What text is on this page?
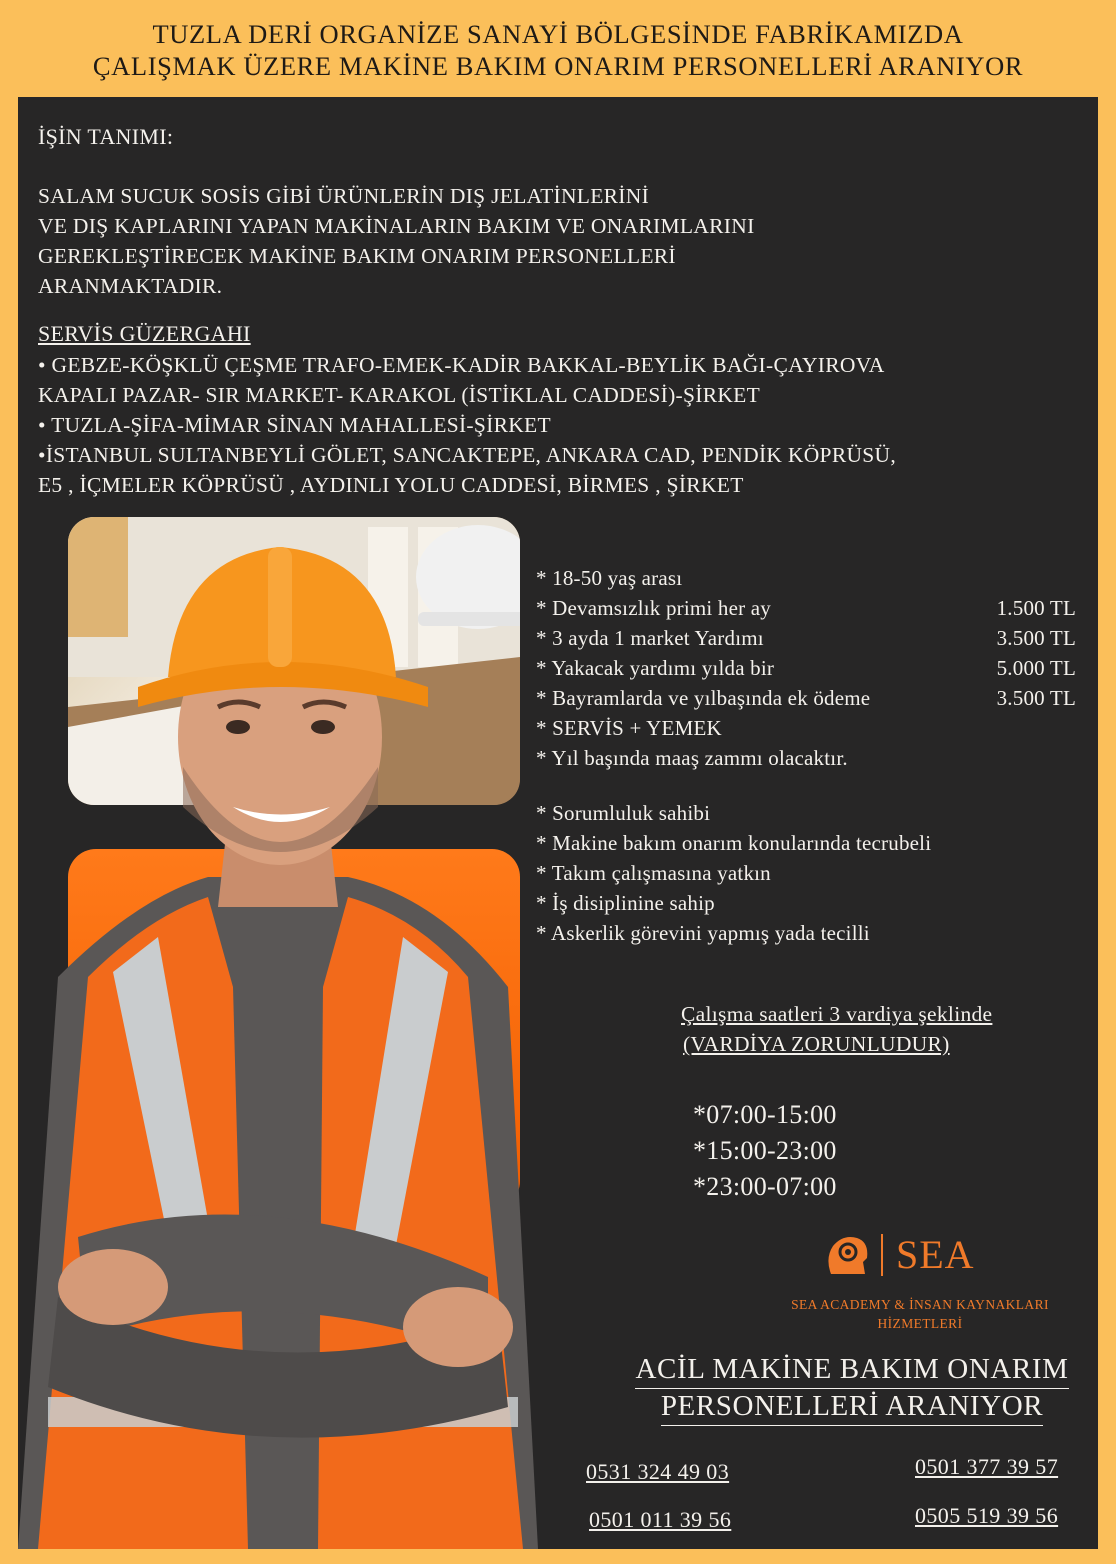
TUZLA DERİ ORGANİZE SANAYİ BÖLGESİNDE FABRİKAMIZDA
ÇALIŞMAK ÜZERE MAKİNE BAKIM ONARIM PERSONELLERİ ARANIYOR
İŞİN TANIMI:
SALAM SUCUK SOSİS GİBİ ÜRÜNLERİN DIŞ JELATİNLERİNİ
VE DIŞ KAPLARINI YAPAN MAKİNALARIN BAKIM VE ONARIMLARINI
GEREKLEŞTİRECEK MAKİNE BAKIM ONARIM PERSONELLERİ
ARANMAKTADIR.
SERVİS GÜZERGAHI
• GEBZE-KÖŞKLÜ ÇEŞME TRAFO-EMEK-KADİR BAKKAL-BEYLİK BAĞI-ÇAYIROVA
KAPALI PAZAR- SIR MARKET- KARAKOL (İSTİKLAL CADDESİ)-ŞİRKET
• TUZLA-ŞİFA-MİMAR SİNAN MAHALLESİ-ŞİRKET
•İSTANBUL SULTANBEYLİ GÖLET, SANCAKTEPE, ANKARA CAD, PENDİK KÖPRÜSÜ,
E5 , İÇMELER KÖPRÜSÜ , AYDINLI YOLU CADDESİ, BİRMES , ŞİRKET
* 18-50 yaş arası
* Devamsızlık primi her ay	1.500 TL
* 3 ayda 1 market Yardımı	3.500 TL
* Yakacak yardımı yılda bir	5.000 TL
* Bayramlarda ve yılbaşında ek ödeme	3.500 TL
* SERVİS + YEMEK
* Yıl başında maaş zammı olacaktır.
* Sorumluluk sahibi
* Makine bakım onarım konularında tecrubeli
* Takım çalışmasına yatkın
* İş disiplinine sahip
* Askerlik görevini yapmış yada tecilli
Çalışma saatleri 3 vardiya şeklinde
(VARDİYA ZORUNLUDUR)
*07:00-15:00
*15:00-23:00
*23:00-07:00
SEA
SEA ACADEMY & İNSAN KAYNAKLARI
HİZMETLERİ
ACİL MAKİNE BAKIM ONARIM
PERSONELLERİ ARANIYOR
0531 324 49 03	0501 377 39 57
0501 011 39 56	0505 519 39 56
